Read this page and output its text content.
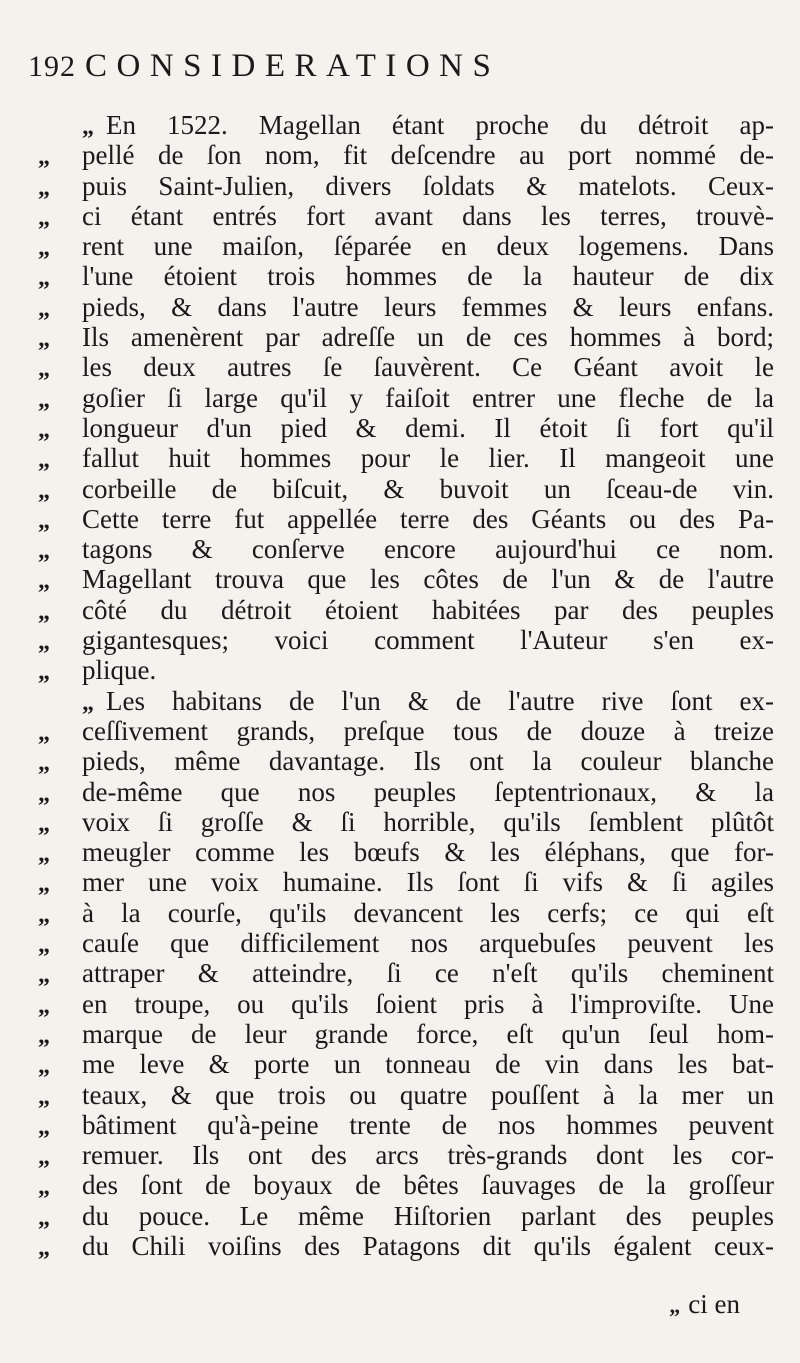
192 CONSIDERATIONS
„ En 1522. Magellan étant proche du détroit ap-
„ pellé de ſon nom, fit deſcendre au port nommé de-
„ puis Saint-Julien, divers ſoldats & matelots. Ceux-
„ ci étant entrés fort avant dans les terres, trouvè-
„ rent une maiſon, ſéparée en deux logemens. Dans
„ l'une étoient trois hommes de la hauteur de dix
„ pieds, & dans l'autre leurs femmes & leurs enfans.
„ Ils amenèrent par adreſſe un de ces hommes à bord;
„ les deux autres ſe ſauvèrent. Ce Géant avoit le
„ goſier ſi large qu'il y faiſoit entrer une fleche de la
„ longueur d'un pied & demi. Il étoit ſi fort qu'il
„ fallut huit hommes pour le lier. Il mangeoit une
„ corbeille de biſcuit, & buvoit un ſceau-de vin.
„ Cette terre fut appellée terre des Géants ou des Pa-
„ tagons & conſerve encore aujourd'hui ce nom.
„ Magellant trouva que les côtes de l'un & de l'autre
„ côté du détroit étoient habitées par des peuples
„ gigantesques; voici comment l'Auteur s'en ex-
„ plique.
„ Les habitans de l'un & de l'autre rive ſont ex-
„ ceſſivement grands, preſque tous de douze à treize
„ pieds, même davantage. Ils ont la couleur blanche
„ de-même que nos peuples ſeptentrionaux, & la
„ voix ſi groſſe & ſi horrible, qu'ils ſemblent plûtôt
„ meugler comme les bœufs & les éléphans, que for-
„ mer une voix humaine. Ils ſont ſi vifs & ſi agiles
„ à la courſe, qu'ils devancent les cerfs; ce qui eſt
„ cauſe que difficilement nos arquebuſes peuvent les
„ attraper & atteindre, ſi ce n'eſt qu'ils cheminent
„ en troupe, ou qu'ils ſoient pris à l'improviſte. Une
„ marque de leur grande force, eſt qu'un ſeul hom-
„ me leve & porte un tonneau de vin dans les bat-
„ teaux, & que trois ou quatre pouſſent à la mer un
„ bâtiment qu'à-peine trente de nos hommes peuvent
„ remuer. Ils ont des arcs très-grands dont les cor-
„ des ſont de boyaux de bêtes ſauvages de la groſſeur
„ du pouce. Le même Hiſtorien parlant des peuples
„ du Chili voiſins des Patagons dit qu'ils égalent ceux-
„ ci en
